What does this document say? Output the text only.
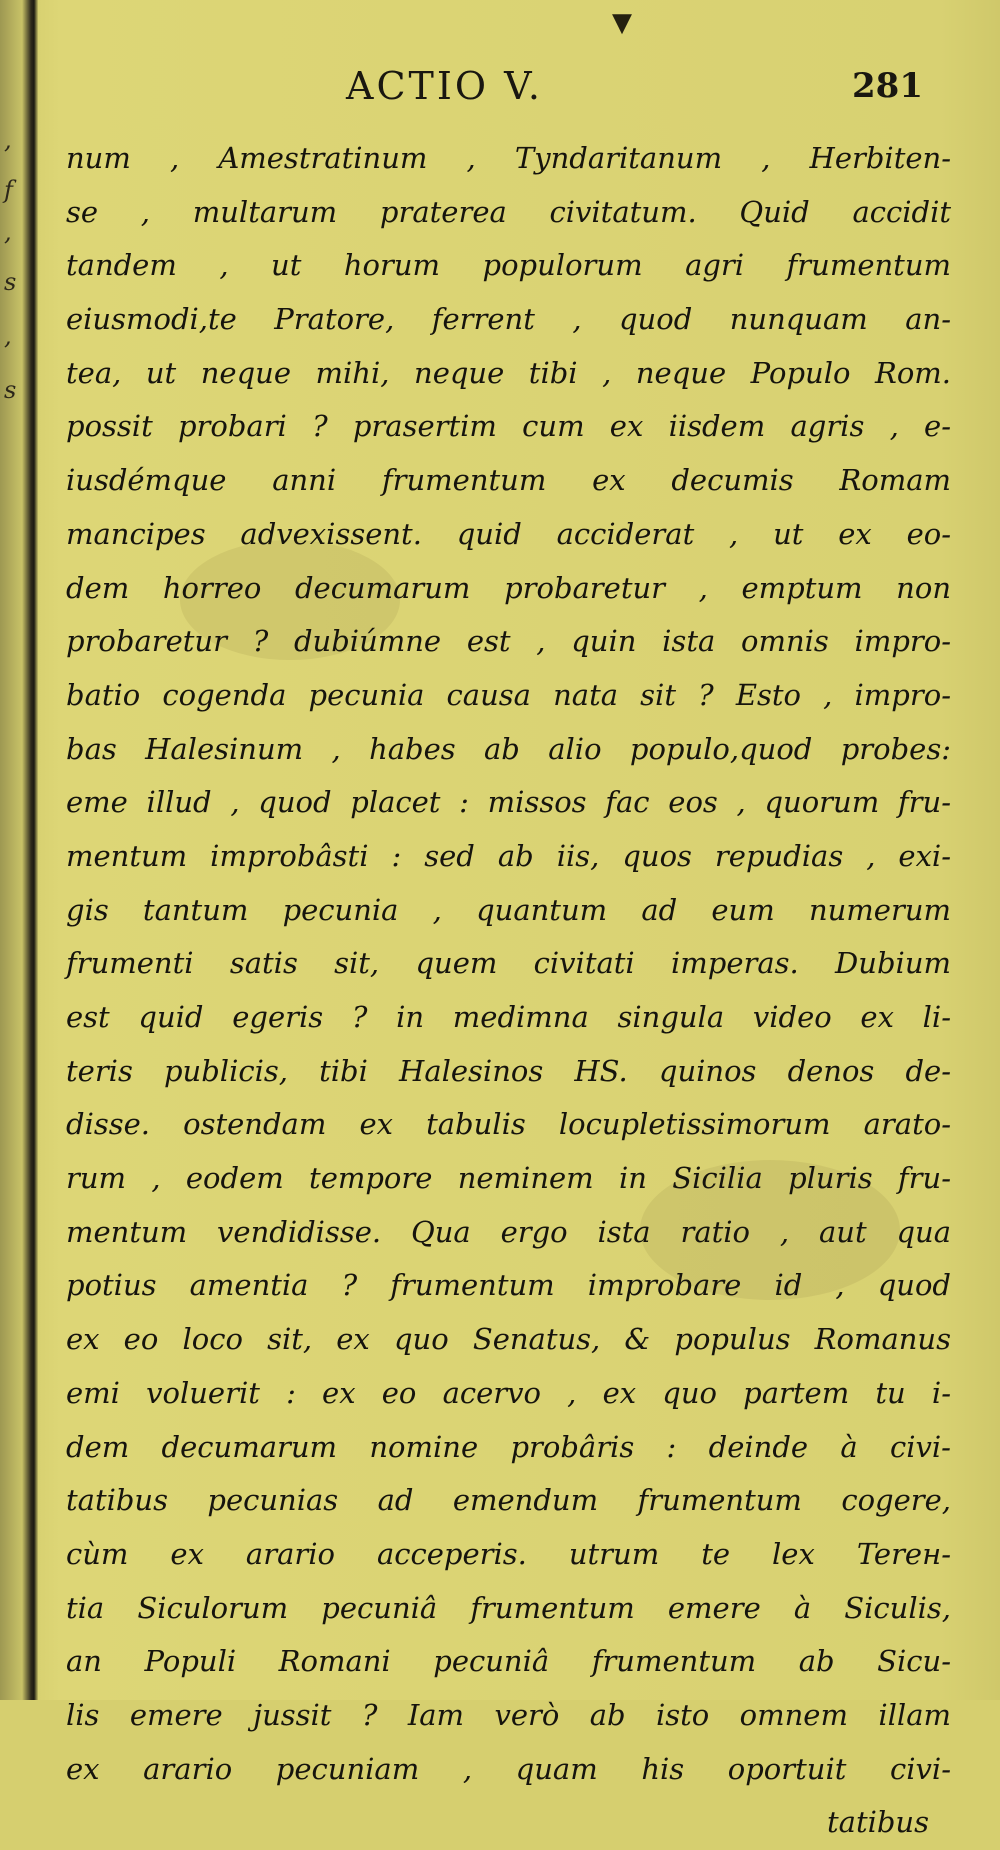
,
f
,
s
,
s
▼
ACTIO V.	281
num , Amestratinum , Tyndaritanum , Herbiten-
se , multarum praterea civitatum. Quid accidit
tandem , ut horum populorum agri frumentum
eiusmodi,te Pratore, ferrent , quod nunquam an-
tea, ut neque mihi, neque tibi , neque Populo Rom.
possit probari ? prasertim cum ex iisdem agris , e-
iusdémque anni frumentum ex decumis Romam
mancipes advexissent. quid acciderat , ut ex eo-
dem horreo decumarum probaretur , emptum non
probaretur ? dubiúmne est , quin ista omnis impro-
batio cogenda pecunia causa nata sit ? Esto , impro-
bas Halesinum , habes ab alio populo,quod probes:
eme illud , quod placet : missos fac eos , quorum fru-
mentum improbâsti : sed ab iis, quos repudias , exi-
gis tantum pecunia , quantum ad eum numerum
frumenti satis sit, quem civitati imperas. Dubium
est quid egeris ? in medimna singula video ex li-
teris publicis, tibi Halesinos HS. quinos denos de-
disse. ostendam ex tabulis locupletissimorum arato-
rum , eodem tempore neminem in Sicilia pluris fru-
mentum vendidisse. Qua ergo ista ratio , aut qua
potius amentia ? frumentum improbare id , quod
ex eo loco sit, ex quo Senatus, & populus Romanus
emi voluerit : ex eo acervo , ex quo partem tu i-
dem decumarum nomine probâris : deinde à civi-
tatibus pecunias ad emendum frumentum cogere,
cùm ex arario acceperis. utrum te lex Terен-
tia Siculorum pecuniâ frumentum emere à Siculis,
an Populi Romani pecuniâ frumentum ab Sicu-
lis emere jussit ? Iam verò ab isto omnem illam
ex arario pecuniam , quam his oportuit civi-
tatibus
